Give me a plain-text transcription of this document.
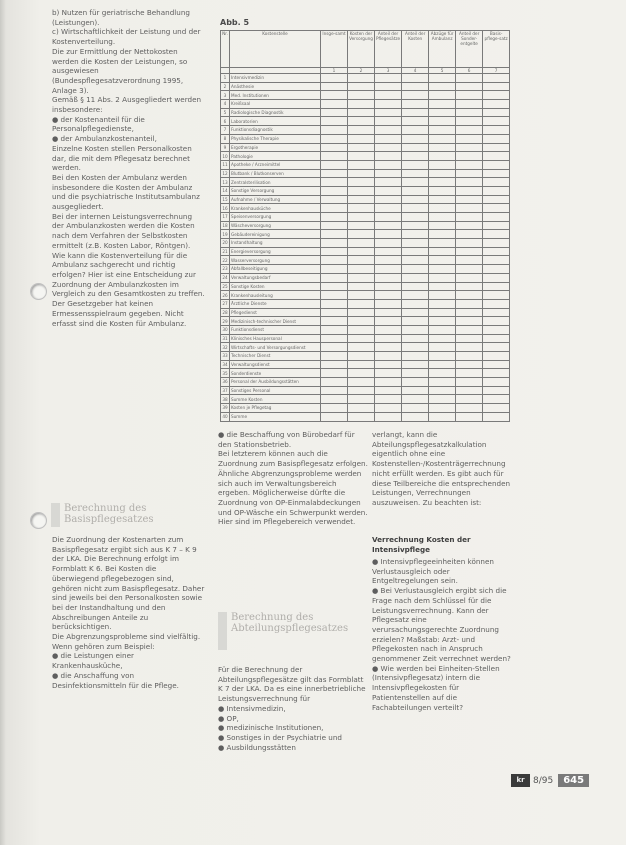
b) Nutzen für geriatrische Behandlung (Leistungen).

c) Wirtschaftlichkeit der Leistung und der Kostenverteilung.

Die zur Ermittlung der Nettokosten werden die Kosten der Leistungen, so ausgewiesen (Bundespflegesatzverordnung 1995, Anlage 3).

Gemäß § 11 Abs. 2 Ausgegliedert werden insbesondere:

● der Kostenanteil für die Personalpflegedienste,

● der Ambulanzkostenanteil,

Einzelne Kosten stellen Personalkosten dar, die mit dem Pflegesatz berechnet werden.

Bei den Kosten der Ambulanz werden insbesondere die Kosten der Ambulanz und die psychiatrische Institutsambulanz ausgegliedert.

Bei der internen Leistungsverrechnung der Ambulanzkosten werden die Kosten nach dem Verfahren der Selbstkosten ermittelt (z.B. Kosten Labor, Röntgen).

Wie kann die Kostenverteilung für die Ambulanz sachgerecht und richtig erfolgen? Hier ist eine Entscheidung zur Zuordnung der Ambulanzkosten im Vergleich zu den Gesamtkosten zu treffen.

Der Gesetzgeber hat keinen Ermessensspielraum gegeben. Nicht erfasst sind die Kosten für Ambulanz.

Berechnung des Basispflegesatzes

Die Zuordnung der Kostenarten zum Basispflegesatz ergibt sich aus K 7 – K 9 der LKA. Die Berechnung erfolgt im Formblatt K 6. Bei Kosten die überwiegend pflegebezogen sind, gehören nicht zum Basispflegesatz. Daher sind jeweils bei den Personalkosten sowie bei der Instandhaltung und den Abschreibungen Anteile zu berücksichtigen.

Die Abgrenzungsprobleme sind vielfältig. Wenn gehören zum Beispiel:

● die Leistungen einer Krankenhausküche,

● die Anschaffung von Desinfektionsmitteln für die Pflege.

Abb. 5
Nr.	Kostenstelle	Insge-samt	Kosten der Versorgung	Anteil der Pflegesätze	Anteil der Kosten	Abzüge für Ambulanz	Anteil der Sonder-entgelte	Basis-pflege-satz
		1	2	3	4	5	6	7
1	Intensivmedizin							
2	Anästhesie							
3	Med. Institutionen							
4	Kreißsaal							
5	Radiologische Diagnostik							
6	Laboratorien							
7	Funktionsdiagnostik							
8	Physikalische Therapie							
9	Ergotherapie							
10	Pathologie							
11	Apotheke / Arzneimittel							
12	Blutbank / Blutkonserven							
13	Zentralsterilisation							
14	Sonstige Versorgung							
15	Aufnahme / Verwaltung							
16	Krankenhausküche							
17	Speisenversorgung							
18	Wäscheversorgung							
19	Gebäudereinigung							
20	Instandhaltung							
21	Energieversorgung							
22	Wasserversorgung							
23	Abfallbeseitigung							
24	Verwaltungsbedarf							
25	Sonstige Kosten							
26	Krankenhausleitung							
27	Ärztliche Dienste							
28	Pflegedienst							
29	Medizinisch-technischer Dienst							
30	Funktionsdienst							
31	Klinisches Hauspersonal							
32	Wirtschafts- und Versorgungsdienst							
33	Technischer Dienst							
34	Verwaltungsdienst							
35	Sonderdienste							
36	Personal der Ausbildungsstätten							
37	Sonstiges Personal							
38	Summe Kosten							
39	Kosten je Pflegetag							
40	Summe							

● die Beschaffung von Bürobedarf für den Stationsbetrieb.

Bei letzterem können auch die Zuordnung zum Basispflegesatz erfolgen.

Ähnliche Abgrenzungsprobleme werden sich auch im Verwaltungsbereich ergeben. Möglicherweise dürfte die Zuordnung von OP-Einmalabdeckungen und OP-Wäsche ein Schwerpunkt werden. Hier sind im Pflegebereich verwendet.

Berechnung des Abteilungspflegesatzes

Für die Berechnung der Abteilungspflegesätze gilt das Formblatt K 7 der LKA. Da es eine innerbetriebliche Leistungsverrechnung für

● Intensivmedizin,

● OP,

● medizinische Institutionen,

● Sonstiges in der Psychiatrie und

● Ausbildungsstätten

verlangt, kann die Abteilungspflegesatzkalkulation eigentlich ohne eine Kostenstellen-/Kostenträgerrechnung nicht erfüllt werden. Es gibt auch für diese Teilbereiche die entsprechenden Leistungen, Verrechnungen auszuweisen. Zu beachten ist:

Verrechnung Kosten der Intensivpflege

● Intensivpflegeeinheiten können Verlustausgleich oder Entgeltregelungen sein.

● Bei Verlustausgleich ergibt sich die Frage nach dem Schlüssel für die Leistungsverrechnung. Kann der Pflegesatz eine verursachungsgerechte Zuordnung erzielen? Maßstab: Arzt- und Pflegekosten nach in Anspruch genommener Zeit verrechnet werden?

● Wie werden bei Einheiten-Stellen (Intensivpflegesatz) intern die Intensivpflegekosten für Patientenstellen auf die Fachabteilungen verteilt?

kr 8/95	645
